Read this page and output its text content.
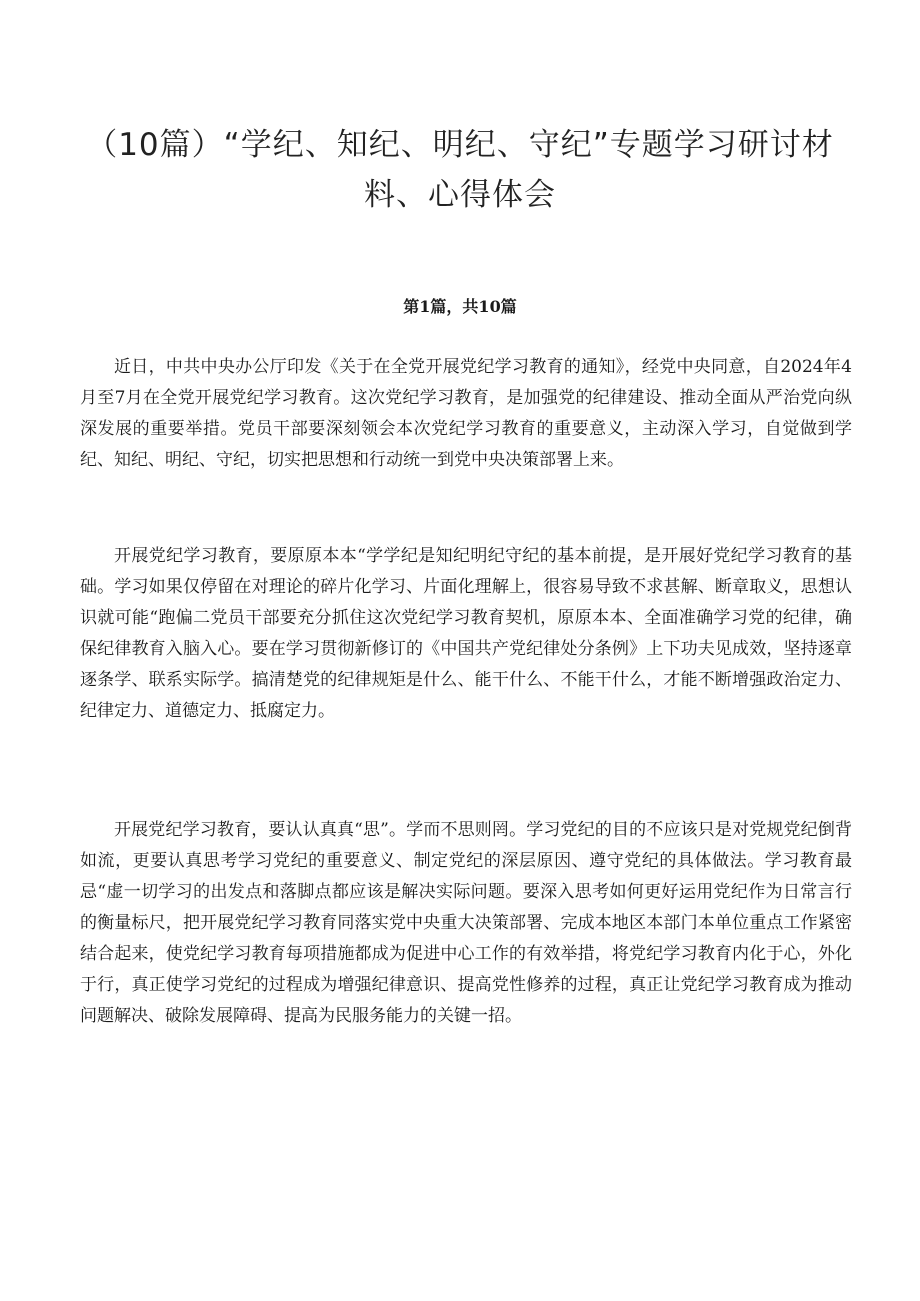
（10篇）“学纪、知纪、明纪、守纪”专题学习研讨材料、心得体会
第1篇，共10篇

近日，中共中央办公厅印发《关于在全党开展党纪学习教育的通知》，经党中央同意，自2024年4月至7月在全党开展党纪学习教育。这次党纪学习教育，是加强党的纪律建设、推动全面从严治党向纵深发展的重要举措。党员干部要深刻领会本次党纪学习教育的重要意义，主动深入学习，自觉做到学纪、知纪、明纪、守纪，切实把思想和行动统一到党中央决策部署上来。

开展党纪学习教育，要原原本本“学学纪是知纪明纪守纪的基本前提，是开展好党纪学习教育的基础。学习如果仅停留在对理论的碎片化学习、片面化理解上，很容易导致不求甚解、断章取义，思想认识就可能“跑偏二党员干部要充分抓住这次党纪学习教育契机，原原本本、全面准确学习党的纪律，确保纪律教育入脑入心。要在学习贯彻新修订的《中国共产党纪律处分条例》上下功夫见成效，坚持逐章逐条学、联系实际学。搞清楚党的纪律规矩是什么、能干什么、不能干什么，才能不断增强政治定力、纪律定力、道德定力、抵腐定力。

开展党纪学习教育，要认认真真“思”。学而不思则罔。学习党纪的目的不应该只是对党规党纪倒背如流，更要认真思考学习党纪的重要意义、制定党纪的深层原因、遵守党纪的具体做法。学习教育最忌“虚一切学习的出发点和落脚点都应该是解决实际问题。要深入思考如何更好运用党纪作为日常言行的衡量标尺，把开展党纪学习教育同落实党中央重大决策部署、完成本地区本部门本单位重点工作紧密结合起来，使党纪学习教育每项措施都成为促进中心工作的有效举措，将党纪学习教育内化于心，外化于行，真正使学习党纪的过程成为增强纪律意识、提高党性修养的过程，真正让党纪学习教育成为推动问题解决、破除发展障碍、提高为民服务能力的关键一招。
